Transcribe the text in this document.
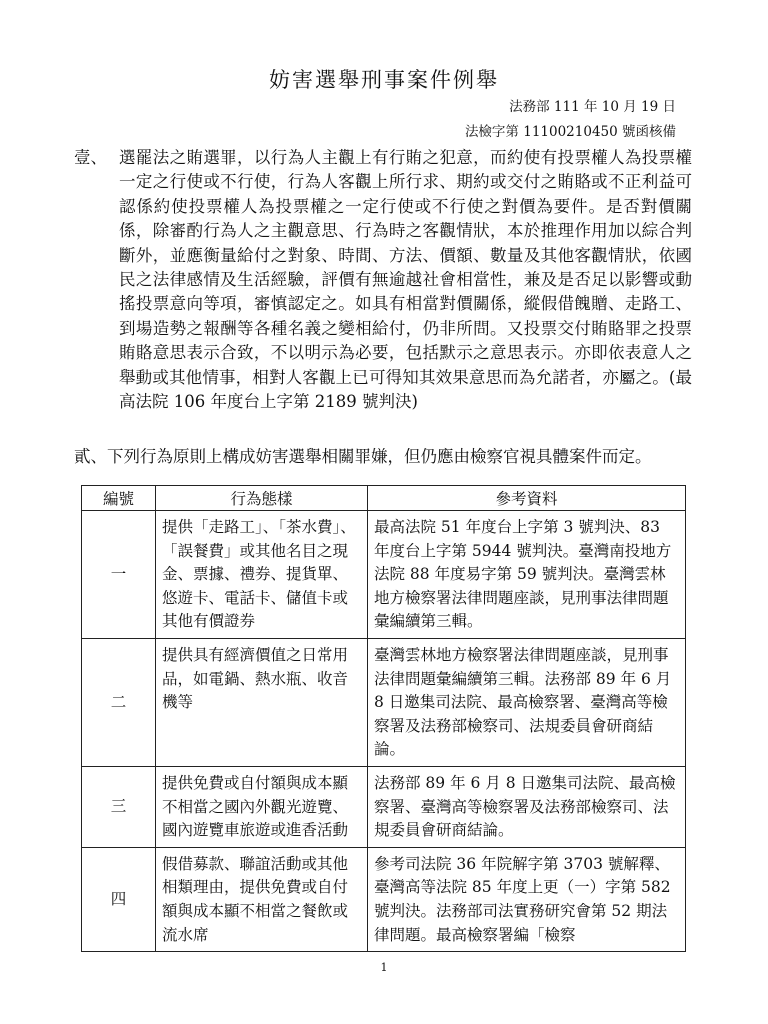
妨害選舉刑事案件例舉
法務部 111 年 10 月 19 日
法檢字第 11100210450 號函核備
壹、 選罷法之賄選罪，以行為人主觀上有行賄之犯意，而約使有投票權人為投票權一定之行使或不行使，行為人客觀上所行求、期約或交付之賄賂或不正利益可認係約使投票權人為投票權之一定行使或不行使之對價為要件。是否對價關係，除審酌行為人之主觀意思、行為時之客觀情狀，本於推理作用加以綜合判斷外，並應衡量給付之對象、時間、方法、價額、數量及其他客觀情狀，依國民之法律感情及生活經驗，評價有無逾越社會相當性，兼及是否足以影響或動搖投票意向等項，審慎認定之。如具有相當對價關係，縱假借餽贈、走路工、到場造勢之報酬等各種名義之變相給付，仍非所問。又投票交付賄賂罪之投票賄賂意思表示合致，不以明示為必要，包括默示之意思表示。亦即依表意人之舉動或其他情事，相對人客觀上已可得知其效果意思而為允諾者，亦屬之。(最高法院 106 年度台上字第 2189 號判決)
貳、下列行為原則上構成妨害選舉相關罪嫌，但仍應由檢察官視具體案件而定。
編號	行為態樣	參考資料
一	提供「走路工」、「茶水費」、「誤餐費」或其他名目之現金、票據、禮券、提貨單、悠遊卡、電話卡、儲值卡或其他有價證券	最高法院 51 年度台上字第 3 號判決、83 年度台上字第 5944 號判決。臺灣南投地方法院 88 年度易字第 59 號判決。臺灣雲林地方檢察署法律問題座談，見刑事法律問題彙編續第三輯。
二	提供具有經濟價值之日常用品，如電鍋、熱水瓶、收音機等	臺灣雲林地方檢察署法律問題座談，見刑事法律問題彙編續第三輯。法務部 89 年 6 月 8 日邀集司法院、最高檢察署、臺灣高等檢察署及法務部檢察司、法規委員會研商結論。
三	提供免費或自付額與成本顯不相當之國內外觀光遊覽、國內遊覽車旅遊或進香活動	法務部 89 年 6 月 8 日邀集司法院、最高檢察署、臺灣高等檢察署及法務部檢察司、法規委員會研商結論。
四	假借募款、聯誼活動或其他相類理由，提供免費或自付額與成本顯不相當之餐飲或流水席	參考司法院 36 年院解字第 3703 號解釋、臺灣高等法院 85 年度上更（一）字第 582 號判決。法務部司法實務研究會第 52 期法律問題。最高檢察署編「檢察
1
